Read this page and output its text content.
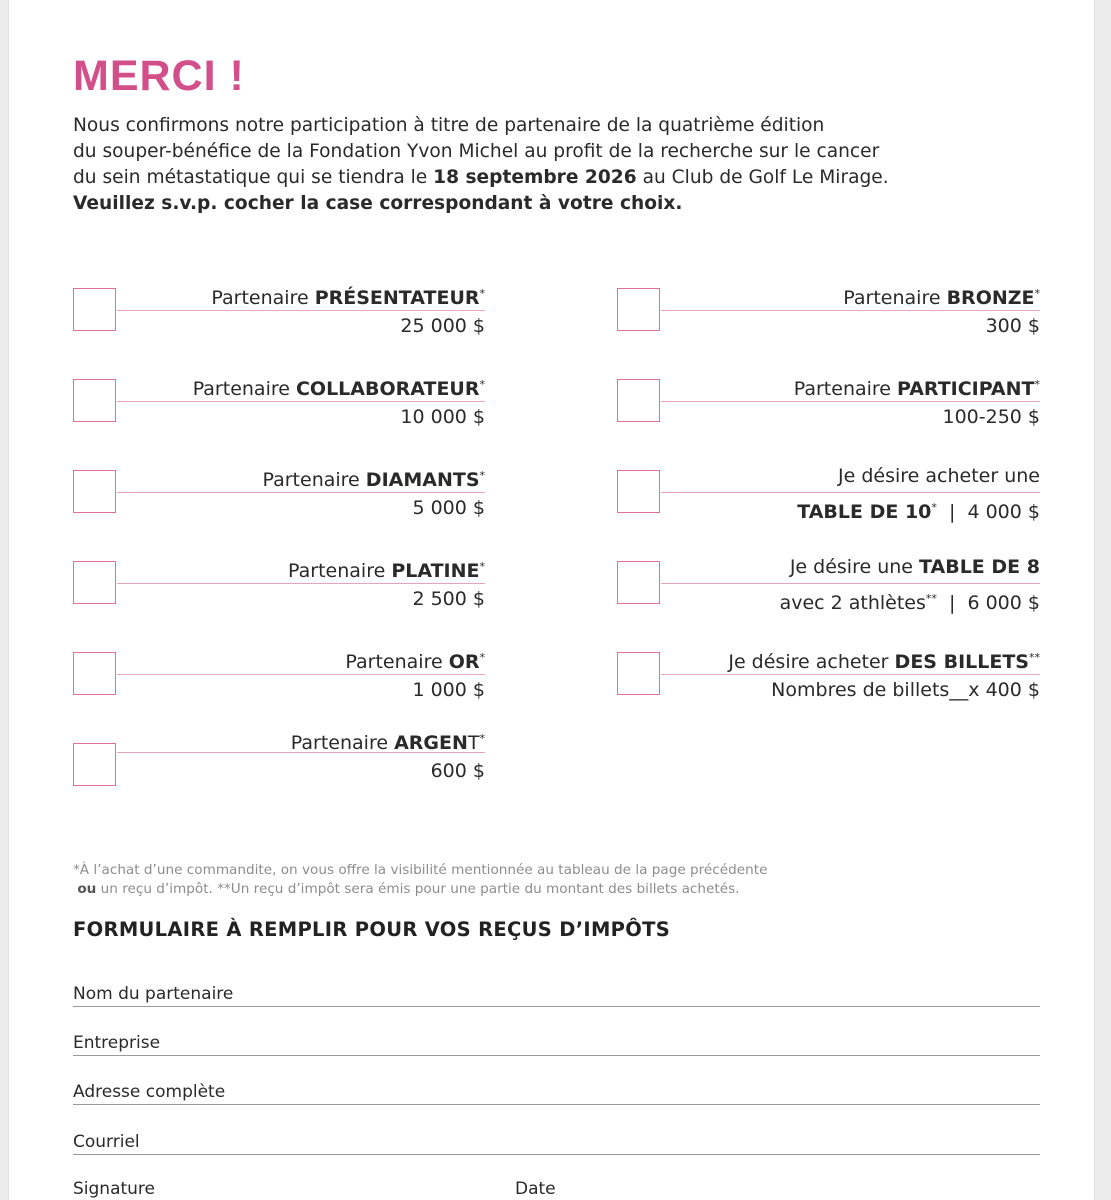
MERCI !
Nous confirmons notre participation à titre de partenaire de la quatrième édition
du souper-bénéfice de la Fondation Yvon Michel au profit de la recherche sur le cancer
du sein métastatique qui se tiendra le 18 septembre 2026 au Club de Golf Le Mirage.
Veuillez s.v.p. cocher la case correspondant à votre choix.
Partenaire PRÉSENTATEUR*
25 000 $
Partenaire COLLABORATEUR*
10 000 $
Partenaire DIAMANTS*
5 000 $
Partenaire PLATINE*
2 500 $
Partenaire OR*
1 000 $
Partenaire ARGENT*
600 $
Partenaire BRONZE*
300 $
Partenaire PARTICIPANT*
100-250 $
Je désire acheter une
TABLE DE 10*  |  4 000 $
Je désire une TABLE DE 8
avec 2 athlètes**  |  6 000 $
Je désire acheter DES BILLETS**
Nombres de billets__x 400 $
*À l’achat d’une commandite, on vous offre la visibilité mentionnée au tableau de la page précédente
ou un reçu d’impôt. **Un reçu d’impôt sera émis pour une partie du montant des billets achetés.
FORMULAIRE À REMPLIR POUR VOS REÇUS D’IMPÔTS
Nom du partenaire
Entreprise
Adresse complète
Courriel
Signature	Date
